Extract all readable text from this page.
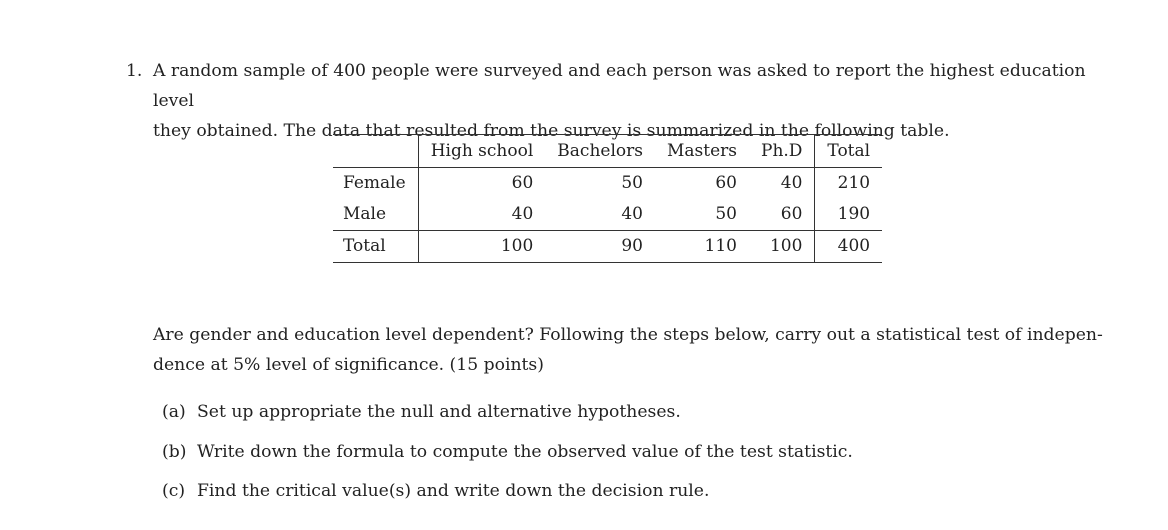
1. A random sample of 400 people were surveyed and each person was asked to report the highest education level
they obtained. The data that resulted from the survey is summarized in the following table.
	High school	Bachelors	Masters	Ph.D	Total
Female	60	50	60	40	210
Male	40	40	50	60	190
Total	100	90	110	100	400
Are gender and education level dependent? Following the steps below, carry out a statistical test of indepen-
dence at 5% level of significance. (15 points)
(a) Set up appropriate the null and alternative hypotheses.
(b) Write down the formula to compute the observed value of the test statistic.
(c) Find the critical value(s) and write down the decision rule.
